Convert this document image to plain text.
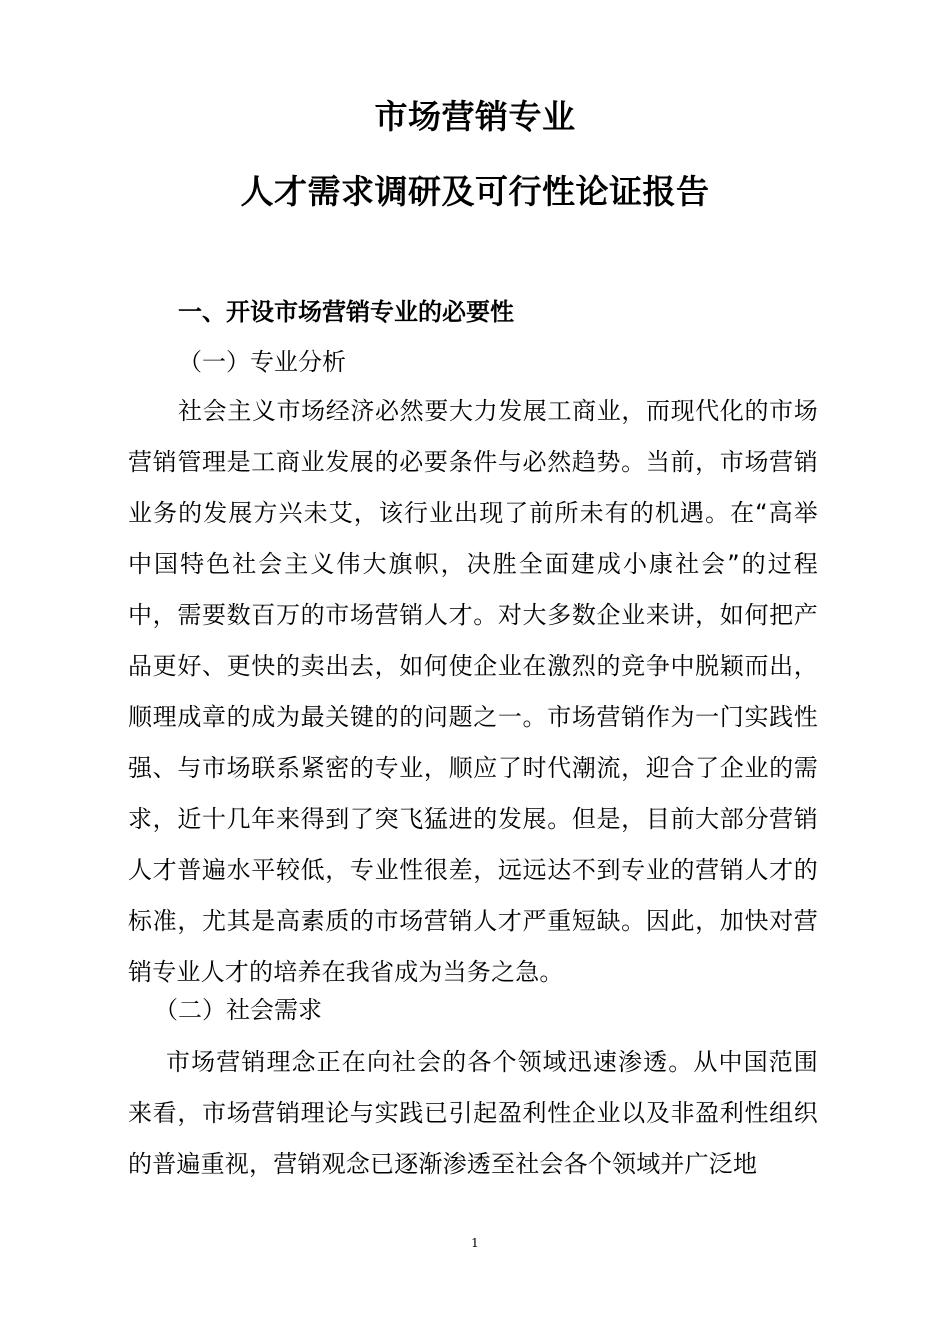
市场营销专业
人才需求调研及可行性论证报告
一、开设市场营销专业的必要性
（一）专业分析
社会主义市场经济必然要大力发展工商业，而现代化的市场营销管理是工商业发展的必要条件与必然趋势。当前，市场营销业务的发展方兴未艾，该行业出现了前所未有的机遇。在“高举中国特色社会主义伟大旗帜，决胜全面建成小康社会”的过程中，需要数百万的市场营销人才。对大多数企业来讲，如何把产品更好、更快的卖出去，如何使企业在激烈的竞争中脱颖而出，顺理成章的成为最关键的的问题之一。市场营销作为一门实践性强、与市场联系紧密的专业，顺应了时代潮流，迎合了企业的需求，近十几年来得到了突飞猛进的发展。但是，目前大部分营销人才普遍水平较低，专业性很差，远远达不到专业的营销人才的标准，尤其是高素质的市场营销人才严重短缺。因此，加快对营销专业人才的培养在我省成为当务之急。
（二）社会需求
市场营销理念正在向社会的各个领域迅速渗透。从中国范围来看，市场营销理论与实践已引起盈利性企业以及非盈利性组织的普遍重视，营销观念已逐渐渗透至社会各个领域并广泛地
1
